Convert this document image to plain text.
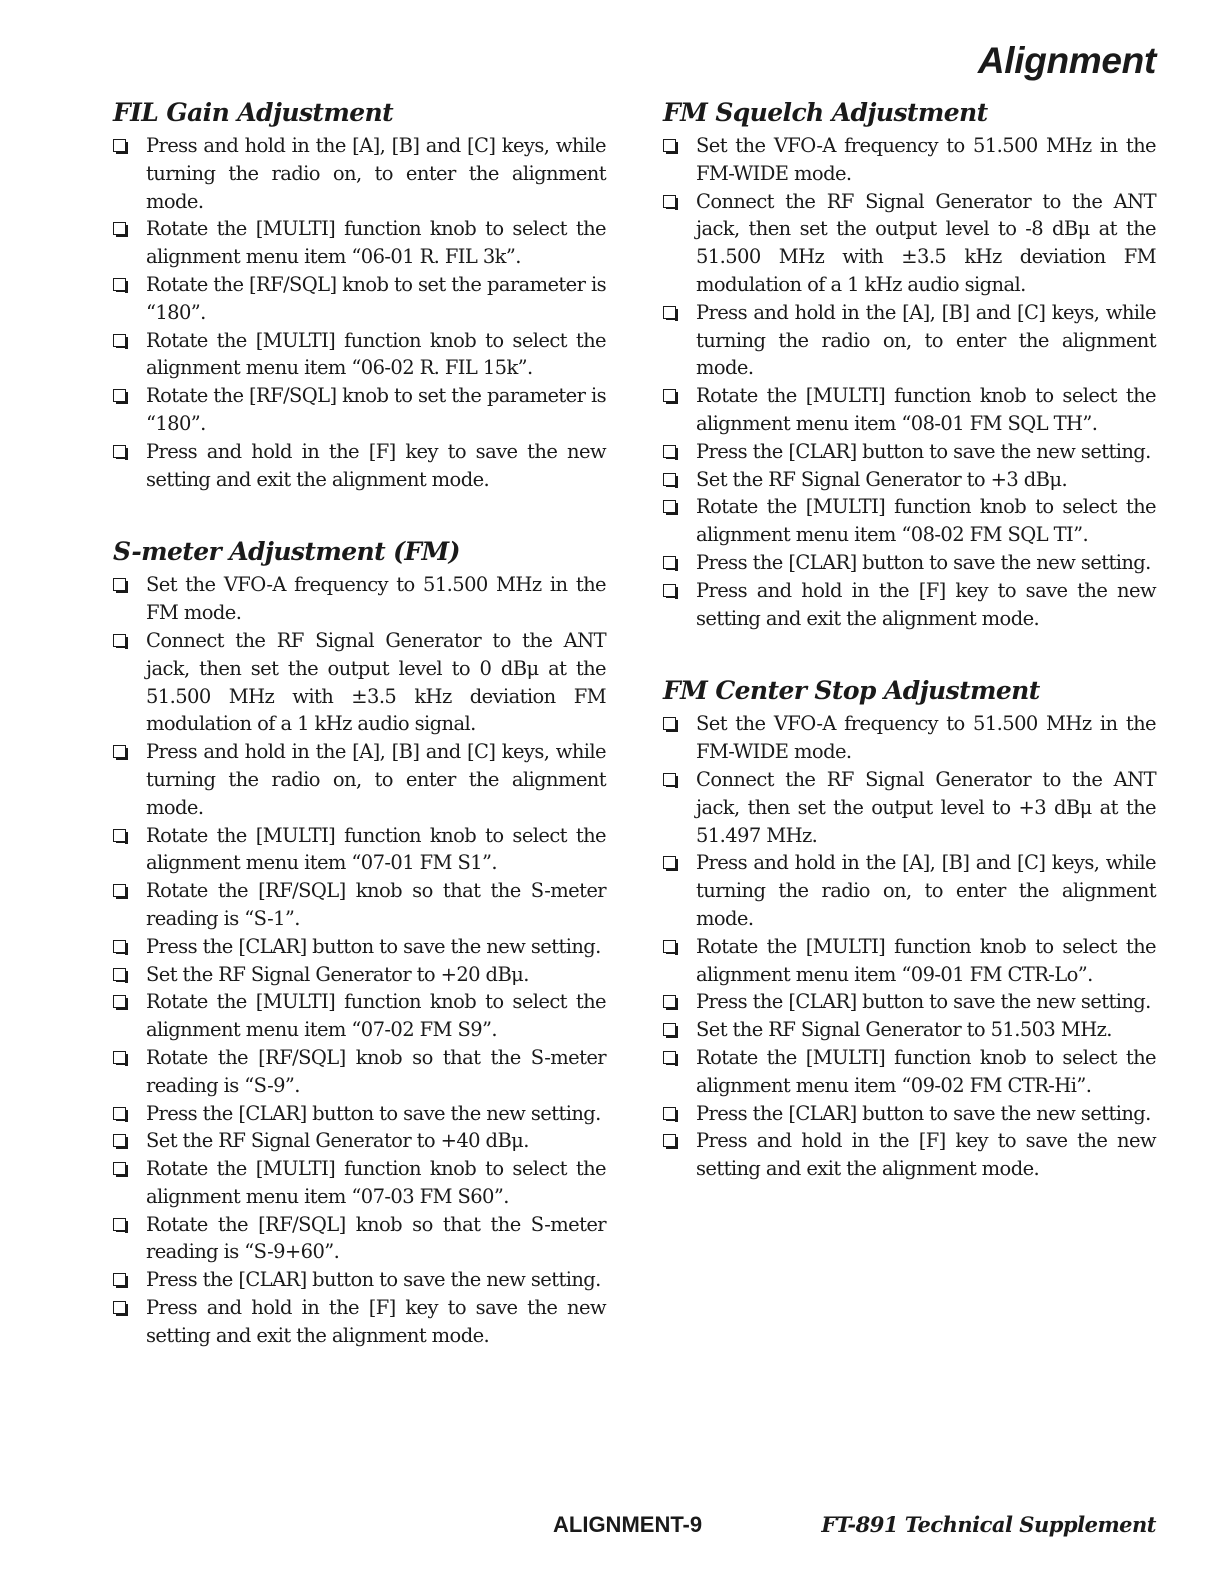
Alignment
FIL Gain Adjustment
Press and hold in the [A], [B] and [C] keys, while turning the radio on, to enter the alignment mode.
Rotate the [MULTI] function knob to select the alignment menu item “06-01 R. FIL 3k”.
Rotate the [RF/SQL] knob to set the parameter is “180”.
Rotate the [MULTI] function knob to select the alignment menu item “06-02 R. FIL 15k”.
Rotate the [RF/SQL] knob to set the parameter is “180”.
Press and hold in the [F] key to save the new setting and exit the alignment mode.
S-meter Adjustment (FM)
Set the VFO-A frequency to 51.500 MHz in the FM mode.
Connect the RF Signal Generator to the ANT jack, then set the output level to 0 dBμ at the 51.500 MHz with ±3.5 kHz deviation FM modulation of a 1 kHz audio signal.
Press and hold in the [A], [B] and [C] keys, while turning the radio on, to enter the alignment mode.
Rotate the [MULTI] function knob to select the alignment menu item “07-01 FM S1”.
Rotate the [RF/SQL] knob so that the S-meter reading is “S-1”.
Press the [CLAR] button to save the new setting.
Set the RF Signal Generator to +20 dBμ.
Rotate the [MULTI] function knob to select the alignment menu item “07-02 FM S9”.
Rotate the [RF/SQL] knob so that the S-meter reading is “S-9”.
Press the [CLAR] button to save the new setting.
Set the RF Signal Generator to +40 dBμ.
Rotate the [MULTI] function knob to select the alignment menu item “07-03 FM S60”.
Rotate the [RF/SQL] knob so that the S-meter reading is “S-9+60”.
Press the [CLAR] button to save the new setting.
Press and hold in the [F] key to save the new setting and exit the alignment mode.
FM Squelch Adjustment
Set the VFO-A frequency to 51.500 MHz in the FM-WIDE mode.
Connect the RF Signal Generator to the ANT jack, then set the output level to -8 dBμ at the 51.500 MHz with ±3.5 kHz deviation FM modulation of a 1 kHz audio signal.
Press and hold in the [A], [B] and [C] keys, while turning the radio on, to enter the alignment mode.
Rotate the [MULTI] function knob to select the alignment menu item “08-01 FM SQL TH”.
Press the [CLAR] button to save the new setting.
Set the RF Signal Generator to +3 dBμ.
Rotate the [MULTI] function knob to select the alignment menu item “08-02 FM SQL TI”.
Press the [CLAR] button to save the new setting.
Press and hold in the [F] key to save the new setting and exit the alignment mode.
FM Center Stop Adjustment
Set the VFO-A frequency to 51.500 MHz in the FM-WIDE mode.
Connect the RF Signal Generator to the ANT jack, then set the output level to +3 dBμ at the 51.497 MHz.
Press and hold in the [A], [B] and [C] keys, while turning the radio on, to enter the alignment mode.
Rotate the [MULTI] function knob to select the alignment menu item “09-01 FM CTR-Lo”.
Press the [CLAR] button to save the new setting.
Set the RF Signal Generator to 51.503 MHz.
Rotate the [MULTI] function knob to select the alignment menu item “09-02 FM CTR-Hi”.
Press the [CLAR] button to save the new setting.
Press and hold in the [F] key to save the new setting and exit the alignment mode.
ALIGNMENT-9	FT-891 Technical Supplement
